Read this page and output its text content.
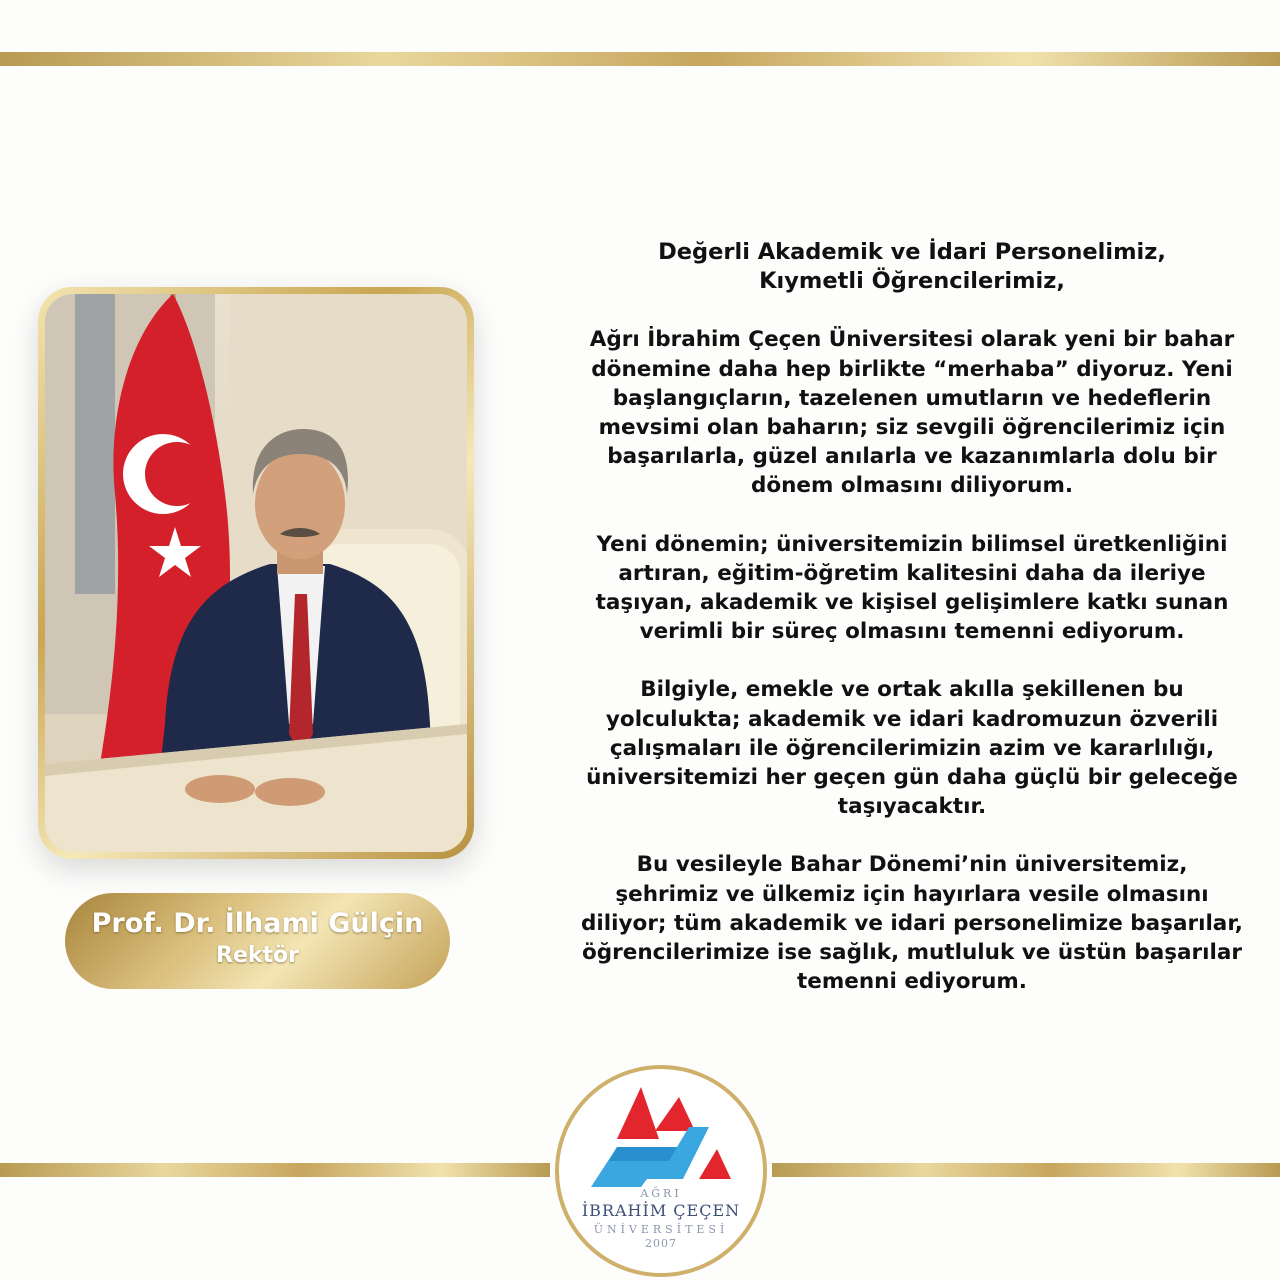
Prof. Dr. İlhami Gülçin
Rektör

Değerli Akademik ve İdari Personelimiz,

Kıymetli Öğrencilerimiz,

Ağrı İbrahim Çeçen Üniversitesi olarak yeni bir bahar

dönemine daha hep birlikte “merhaba” diyoruz. Yeni

başlangıçların, tazelenen umutların ve hedeflerin

mevsimi olan baharın; siz sevgili öğrencilerimiz için

başarılarla, güzel anılarla ve kazanımlarla dolu bir

dönem olmasını diliyorum.

Yeni dönemin; üniversitemizin bilimsel üretkenliğini

artıran, eğitim-öğretim kalitesini daha da ileriye

taşıyan, akademik ve kişisel gelişimlere katkı sunan

verimli bir süreç olmasını temenni ediyorum.

Bilgiyle, emekle ve ortak akılla şekillenen bu

yolculukta; akademik ve idari kadromuzun özverili

çalışmaları ile öğrencilerimizin azim ve kararlılığı,

üniversitemizi her geçen gün daha güçlü bir geleceğe

taşıyacaktır.

Bu vesileyle Bahar Dönemi’nin üniversitemiz,

şehrimiz ve ülkemiz için hayırlara vesile olmasını

diliyor; tüm akademik ve idari personelimize başarılar,

öğrencilerimize ise sağlık, mutluluk ve üstün başarılar

temenni ediyorum.

AĞRI
İBRAHİM ÇEÇEN
ÜNİVERSİTESİ
2007
